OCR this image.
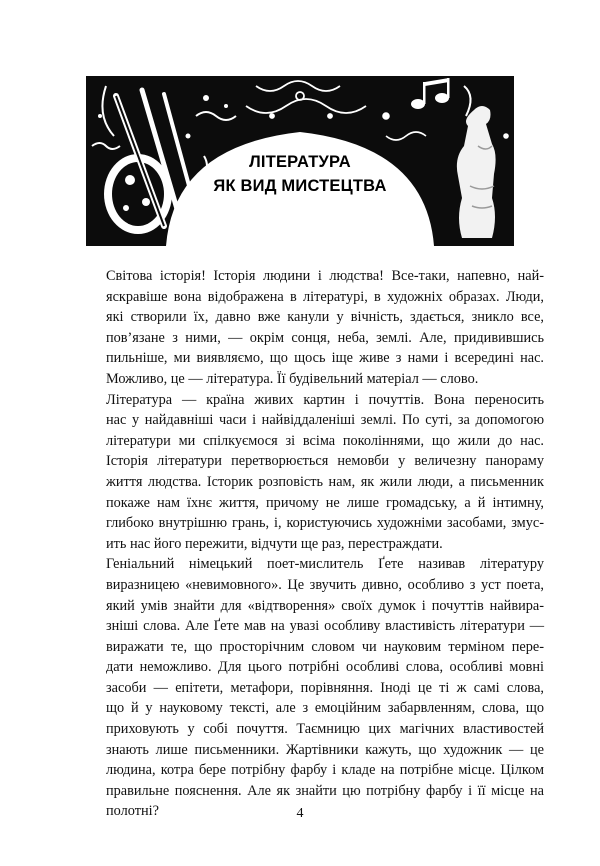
ЛІТЕРАТУРА
ЯК ВИД МИСТЕЦТВА

Світова історія! Історія людини і людства! Все-таки, напевно, най-
яскравіше вона відображена в літературі, в художніх образах. Люди,
які створили їх, давно вже канули у вічність, здається, зникло все,
пов’язане з ними, — окрім сонця, неба, землі. Але, придивившись
пильніше, ми виявляємо, що щось іще живе з нами і всередині нас.
Можливо, це — література. Її будівельний матеріал — слово.

Література — країна живих картин і почуттів. Вона переносить
нас у найдавніші часи і найвіддаленіші землі. По суті, за допомогою
літератури ми спілкуємося зі всіма поколіннями, що жили до нас.
Історія літератури перетворюється немовби у величезну панораму
життя людства. Історик розповість нам, як жили люди, а письменник
покаже нам їхнє життя, причому не лише громадську, а й інтимну,
глибоко внутрішню грань, і, користуючись художніми засобами, змус-
ить нас його пережити, відчути ще раз, перестраждати.

Геніальний німецький поет-мислитель Ґете називав літературу
виразницею «невимовного». Це звучить дивно, особливо з уст поета,
який умів знайти для «відтворення» своїх думок і почуттів найвира-
зніші слова. Але Ґете мав на увазі особливу властивість літератури —
виражати те, що просторічним словом чи науковим терміном пере-
дати неможливо. Для цього потрібні особливі слова, особливі мовні
засоби — епітети, метафори, порівняння. Іноді це ті ж самі слова,
що й у науковому тексті, але з емоційним забарвленням, слова, що
приховують у собі почуття. Таємницю цих магічних властивостей
знають лише письменники. Жартівники кажуть, що художник — це
людина, котра бере потрібну фарбу і кладе на потрібне місце. Цілком
правильне пояснення. Але як знайти цю потрібну фарбу і її місце на
полотні?	4
